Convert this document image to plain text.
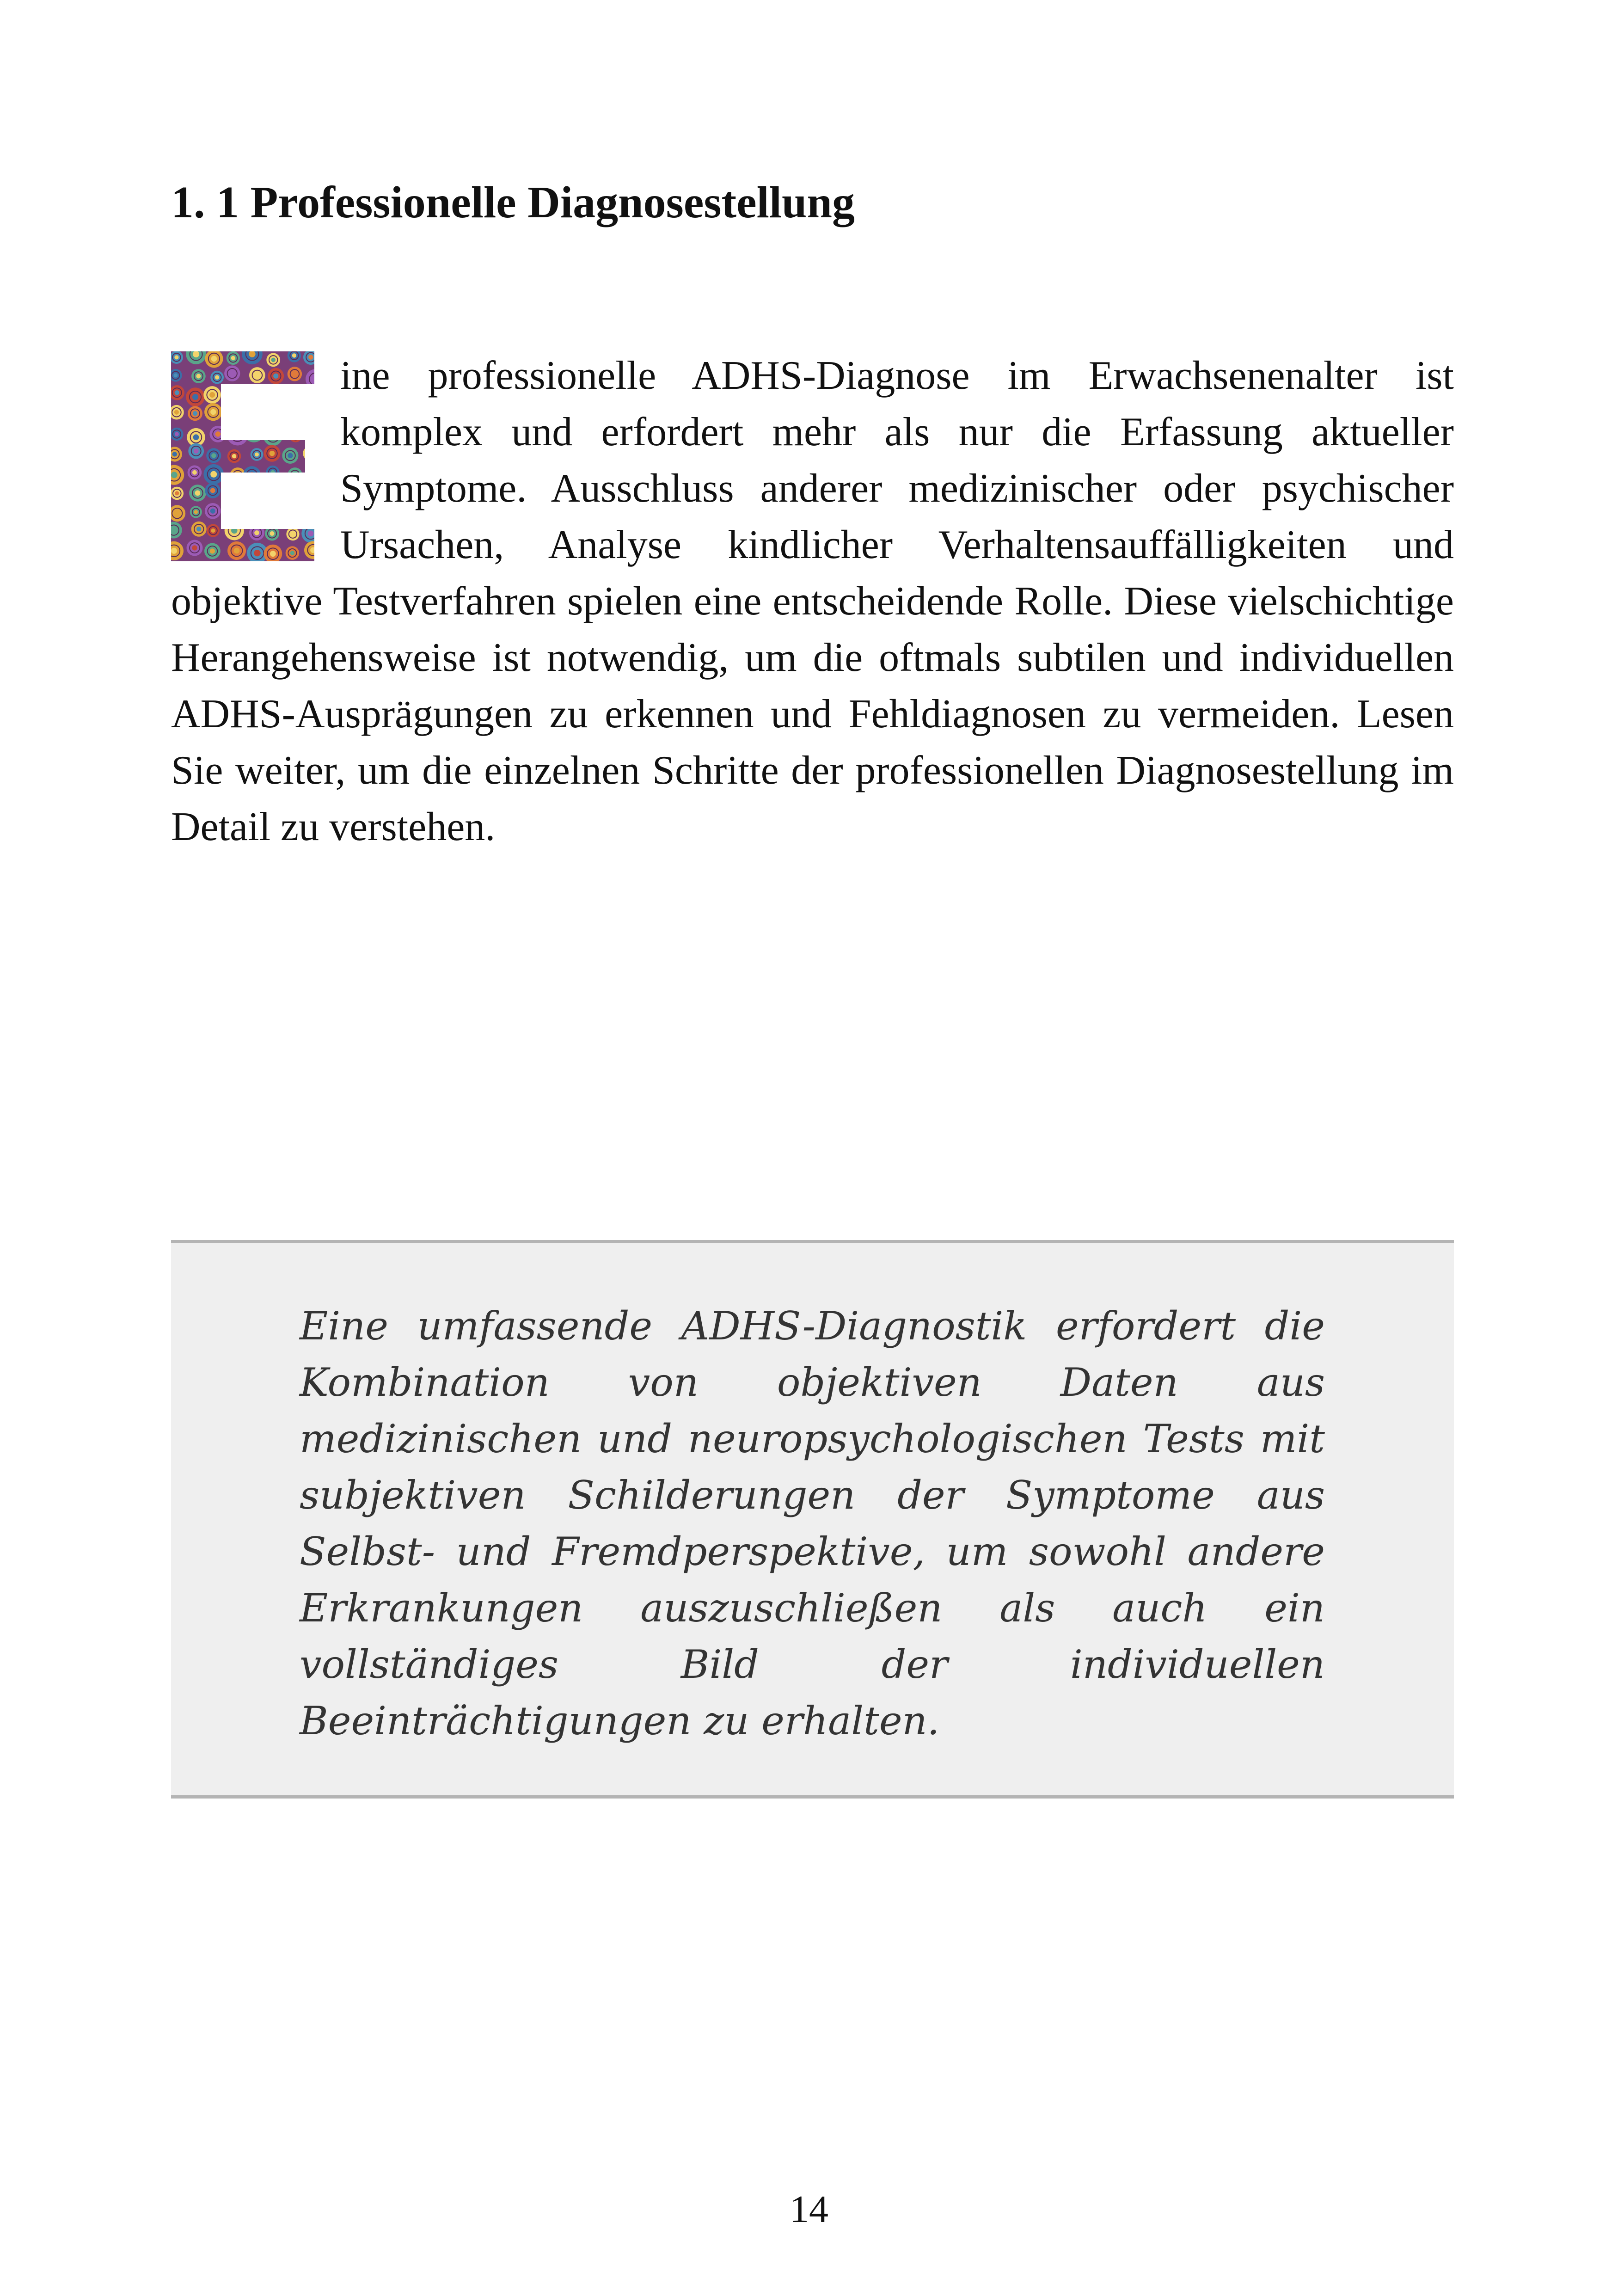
1. 1 Professionelle Diagnosestellung

ine professionelle ADHS-Diagnose im Erwachsenenalter ist komplex und erfordert mehr als nur die Erfassung aktueller Symptome. Ausschluss anderer medizinischer oder psychischer Ursachen, Analyse kindlicher Verhaltensauffälligkeiten und objektive Testverfahren spielen eine entscheidende Rolle. Diese vielschichtige Herangehensweise ist notwendig, um die oftmals subtilen und individuellen ADHS-Ausprägungen zu erkennen und Fehldiagnosen zu vermeiden. Lesen Sie weiter, um die einzelnen Schritte der professionellen Diagnosestellung im Detail zu verstehen.

Eine umfassende ADHS-Diagnostik erfordert die Kombination von objektiven Daten aus medizinischen und neuropsychologischen Tests mit subjektiven Schilderungen der Symptome aus Selbst- und Fremdperspektive, um sowohl andere Erkrankungen auszuschließen als auch ein vollständiges Bild der individuellen Beeinträchtigungen zu erhalten.

14
